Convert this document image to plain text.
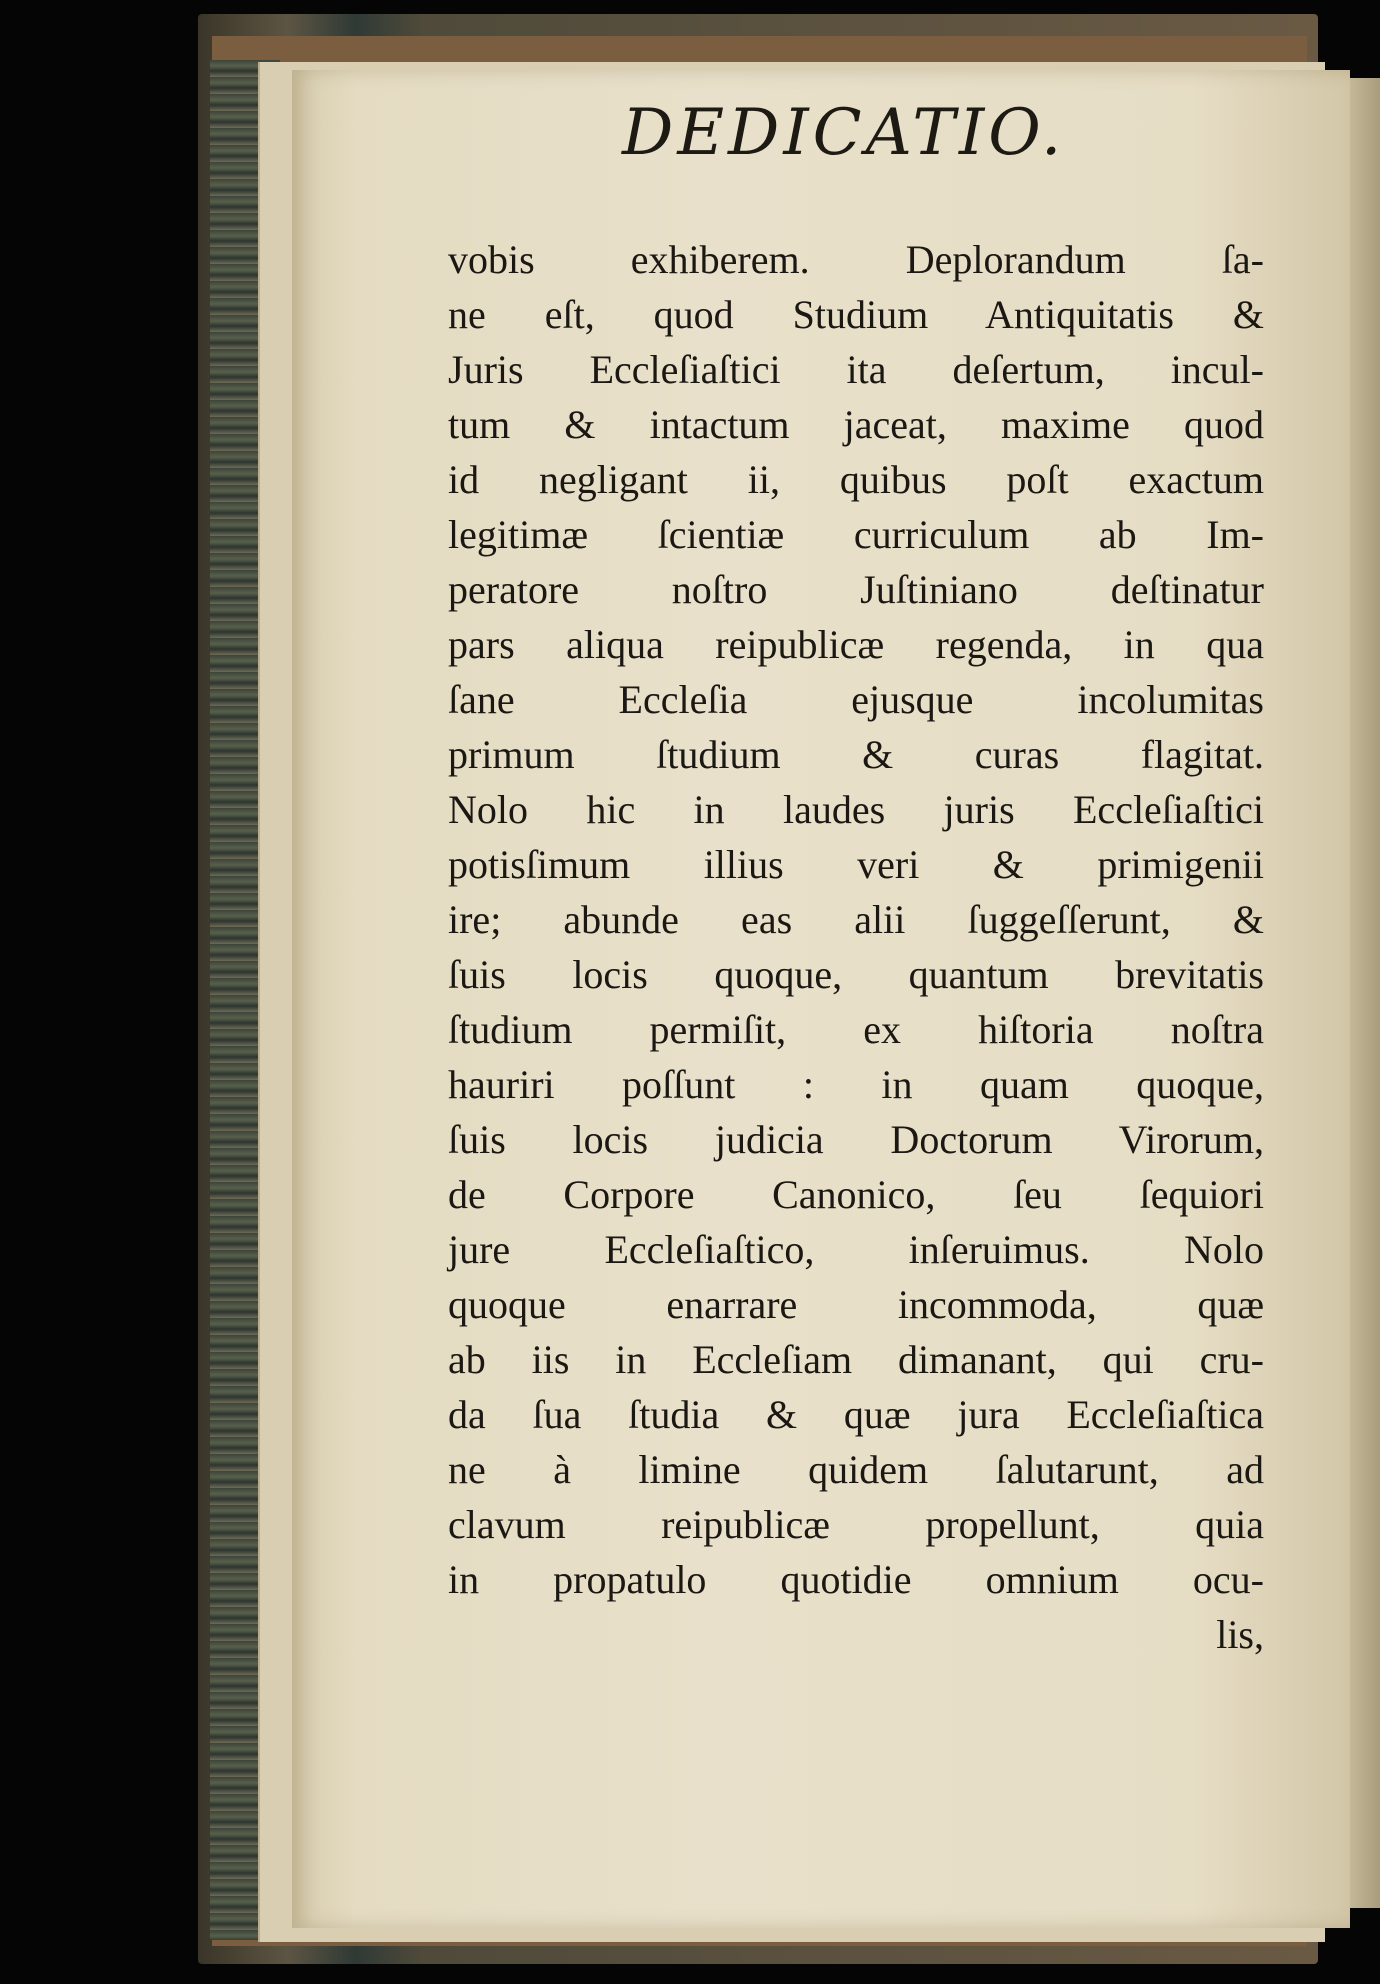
DEDICATIO.
vobis exhiberem. Deplorandum ſa-
ne eſt, quod Studium Antiquitatis &
Juris Eccleſiaſtici ita deſertum, incul-
tum & intactum jaceat, maxime quod
id negligant ii, quibus poſt exactum
legitimæ ſcientiæ curriculum ab Im-
peratore noſtro Juſtiniano deſtinatur
pars aliqua reipublicæ regenda, in qua
ſane Eccleſia ejusque incolumitas
primum ſtudium & curas flagitat.
Nolo hic in laudes juris Eccleſiaſtici
potisſimum illius veri & primigenii
ire; abunde eas alii ſuggeſſerunt, &
ſuis locis quoque, quantum brevitatis
ſtudium permiſit, ex hiſtoria noſtra
hauriri poſſunt : in quam quoque,
ſuis locis judicia Doctorum Virorum,
de Corpore Canonico, ſeu ſequiori
jure Eccleſiaſtico, inſeruimus. Nolo
quoque enarrare incommoda, quæ
ab iis in Eccleſiam dimanant, qui cru-
da ſua ſtudia & quæ jura Eccleſiaſtica
ne à limine quidem ſalutarunt, ad
clavum reipublicæ propellunt, quia
in propatulo quotidie omnium ocu-
lis,
